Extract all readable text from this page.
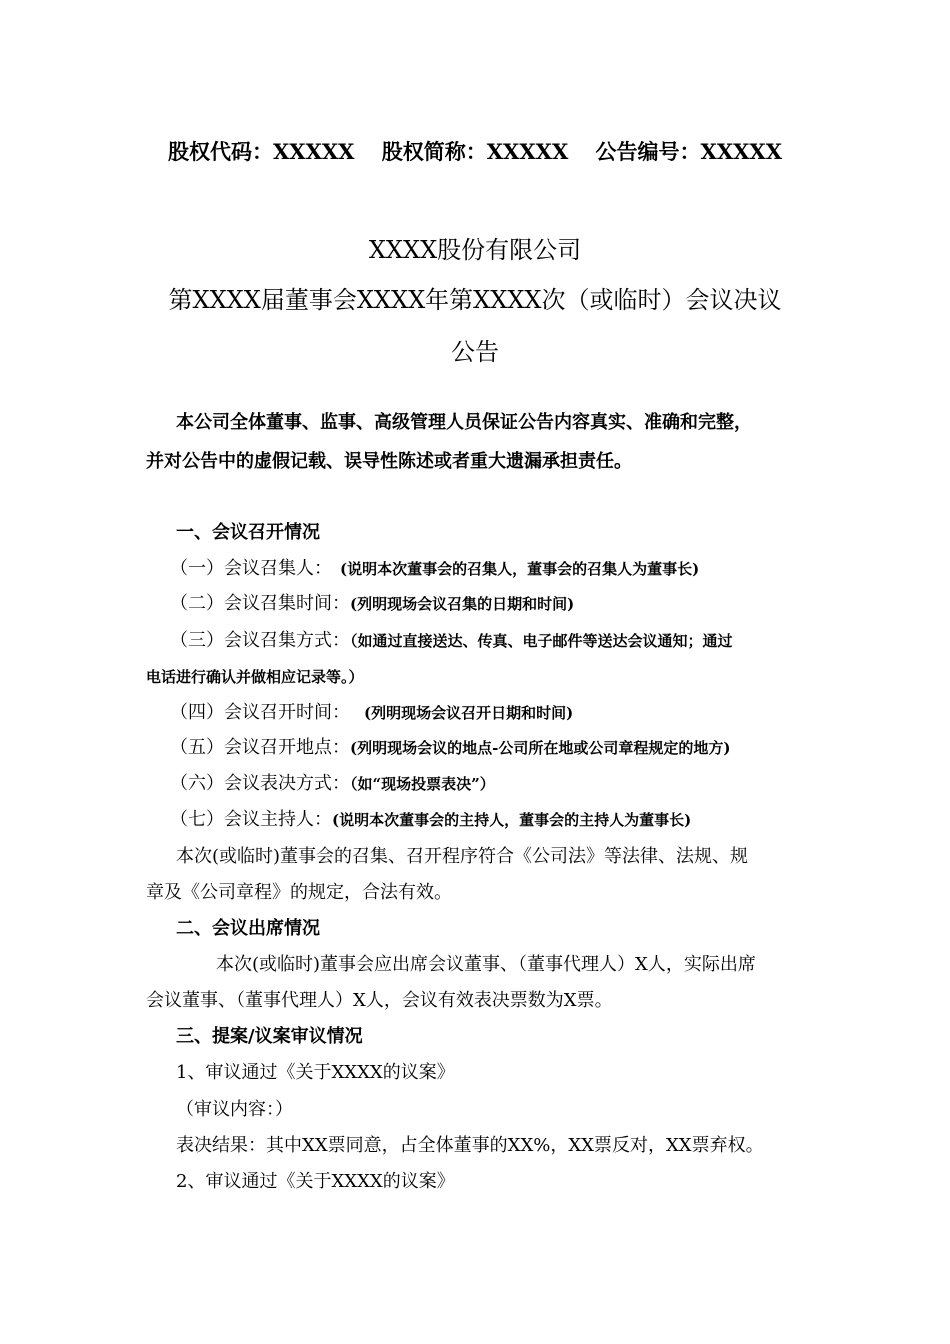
股权代码：XXXXX 股权简称：XXXXX 公告编号：XXXXX
XXXX股份有限公司
第XXXX届董事会XXXX年第XXXX次（或临时）会议决议
公告
本公司全体董事、监事、高级管理人员保证公告内容真实、准确和完整，
并对公告中的虚假记载、误导性陈述或者重大遗漏承担责任。
一、会议召开情况
（一）会议召集人： (说明本次董事会的召集人，董事会的召集人为董事长)
（二）会议召集时间：(列明现场会议召集的日期和时间)
（三）会议召集方式：（如通过直接送达、传真、电子邮件等送达会议通知；通过
电话进行确认并做相应记录等。）
（四）会议召开时间： (列明现场会议召开日期和时间)
（五）会议召开地点：(列明现场会议的地点-公司所在地或公司章程规定的地方)
（六）会议表决方式：（如“现场投票表决”）
（七）会议主持人：(说明本次董事会的主持人，董事会的主持人为董事长)
本次(或临时)董事会的召集、召开程序符合《公司法》等法律、法规、规
章及《公司章程》的规定，合法有效。
二、会议出席情况
本次(或临时)董事会应出席会议董事、（董事代理人）X人，实际出席
会议董事、（董事代理人）X人，会议有效表决票数为X票。
三、提案/议案审议情况
1、审议通过《关于XXXX的议案》
（审议内容：）
表决结果：其中XX票同意，占全体董事的XX%，XX票反对，XX票弃权。
2、审议通过《关于XXXX的议案》
